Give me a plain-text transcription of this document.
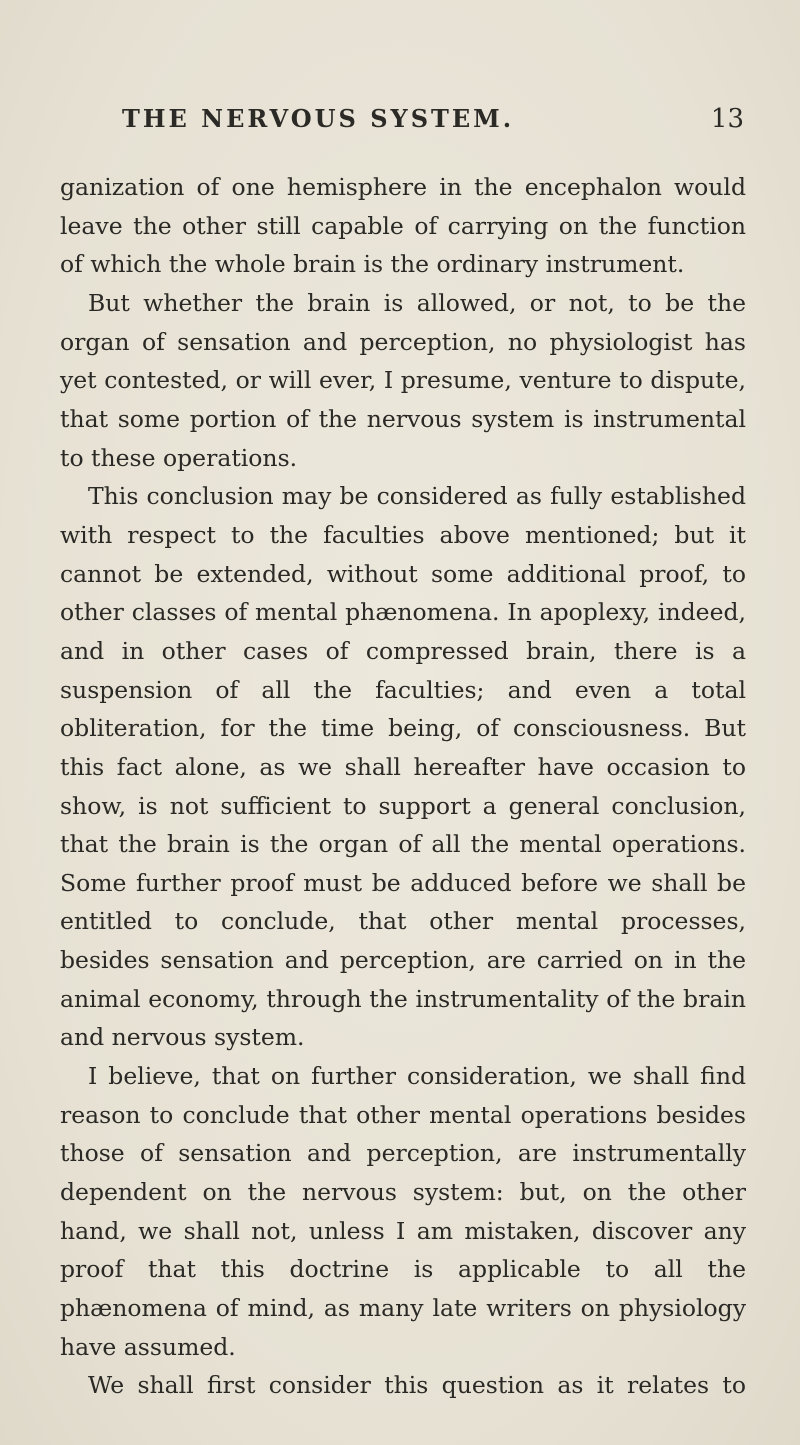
THE NERVOUS SYSTEM.	13

ganization of one hemisphere in the encephalon would leave the other still capable of carrying on the function of which the whole brain is the ordinary instrument.

But whether the brain is allowed, or not, to be the organ of sensation and perception, no physiologist has yet contested, or will ever, I presume, venture to dispute, that some portion of the nervous system is instrumental to these operations.

This conclusion may be considered as fully established with respect to the faculties above mentioned; but it cannot be extended, without some additional proof, to other classes of mental phænomena. In apoplexy, indeed, and in other cases of compressed brain, there is a suspension of all the faculties; and even a total obliteration, for the time being, of consciousness. But this fact alone, as we shall hereafter have occasion to show, is not sufficient to support a general conclusion, that the brain is the organ of all the mental operations. Some further proof must be adduced before we shall be entitled to conclude, that other mental processes, besides sensation and perception, are carried on in the animal economy, through the instrumentality of the brain and nervous system.

I believe, that on further consideration, we shall find reason to conclude that other mental operations besides those of sensation and perception, are instrumentally dependent on the nervous system: but, on the other hand, we shall not, unless I am mistaken, discover any proof that this doctrine is applicable to all the phænomena of mind, as many late writers on physiology have assumed.

We shall first consider this question as it relates to
